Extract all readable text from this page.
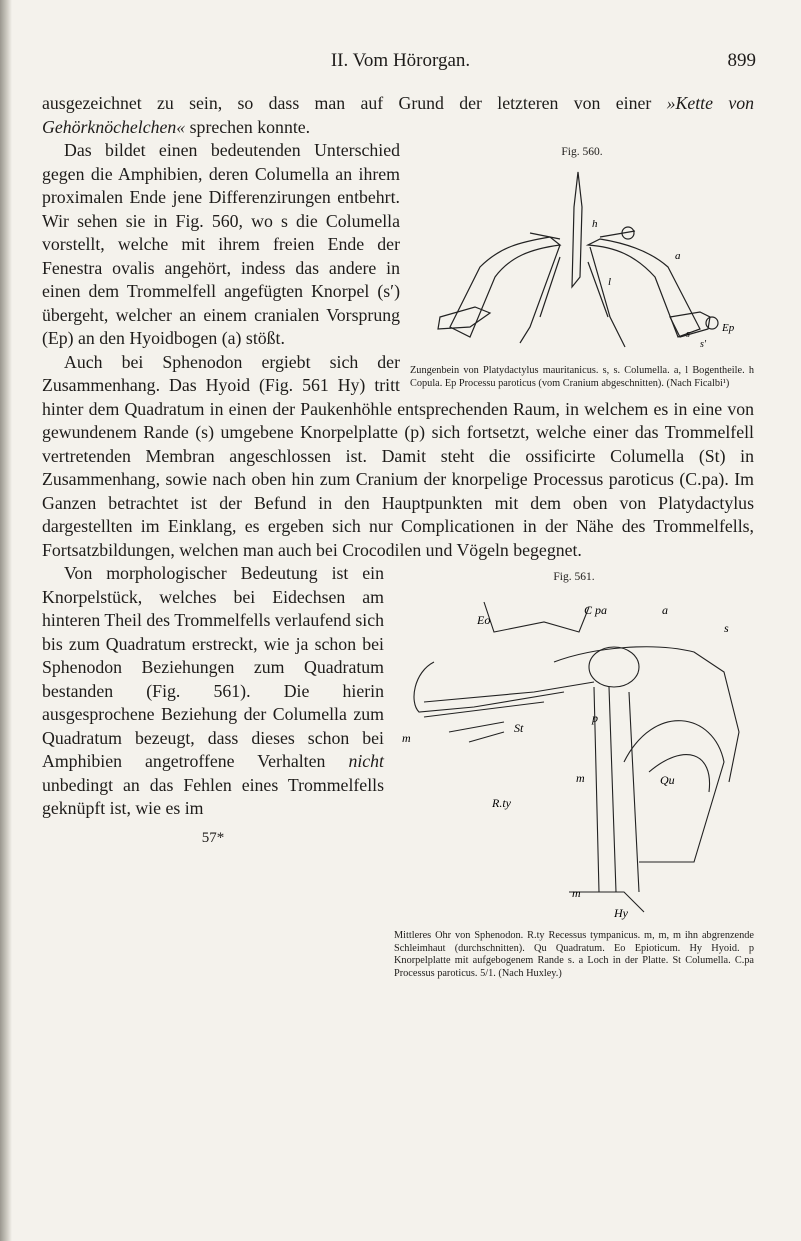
II. Vom Hörorgan.	899

ausgezeichnet zu sein, so dass man auf Grund der letzteren von einer »Kette von Gehörknöchelchen« sprechen konnte.

Fig. 560.
h
a
l
Ep
s
s′
Zungenbein von Platydactylus mauritanicus. s, s. Columella. a, l Bogentheile. h Copula. Ep Processu paroticus (vom Cranium abgeschnitten). (Nach Ficalbi¹)

Das bildet einen bedeutenden Unterschied gegen die Amphibien, deren Columella an ihrem proximalen Ende jene Differenzirungen entbehrt. Wir sehen sie in Fig. 560, wo s die Columella vorstellt, welche mit ihrem freien Ende der Fenestra ovalis angehört, indess das andere in einen dem Trommelfell angefügten Knorpel (s′) übergeht, welcher an einem cranialen Vorsprung (Ep) an den Hyoidbogen (a) stößt.

Auch bei Sphenodon ergiebt sich der Zusammenhang. Das Hyoid (Fig. 561 Hy) tritt hinter dem Quadratum in einen der Paukenhöhle entsprechenden Raum, in welchem es in eine von gewundenem Rande (s) umgebene Knorpelplatte (p) sich fortsetzt, welche einer das Trommelfell vertretenden Membran angeschlossen ist. Damit steht die ossificirte Columella (St) in Zusammenhang, sowie nach oben hin zum Cranium der knorpelige Processus paroticus (C.pa). Im Ganzen betrachtet ist der Befund in den Hauptpunkten mit dem oben von Platydactylus dargestellten im Einklang, es ergeben sich nur Complicationen in der Nähe des Trommelfells, Fortsatzbildungen, welchen man auch bei Crocodilen und Vögeln begegnet.

Fig. 561.
Eo
C pa	a
s
m
St
p
m	Qu
R.ty
m
Hy
Mittleres Ohr von Sphenodon. R.ty Recessus tympanicus. m, m, m ihn abgrenzende Schleimhaut (durchschnitten). Qu Quadratum. Eo Epioticum. Hy Hyoid. p Knorpelplatte mit aufgebogenem Rande s. a Loch in der Platte. St Columella. C.pa Processus paroticus. 5/1. (Nach Huxley.)

Von morphologischer Bedeutung ist ein Knorpelstück, welches bei Eidechsen am hinteren Theil des Trommelfells verlaufend sich bis zum Quadratum erstreckt, wie ja schon bei Sphenodon Beziehungen zum Quadratum bestanden (Fig. 561). Die hierin ausgesprochene Beziehung der Columella zum Quadratum bezeugt, dass dieses schon bei Amphibien angetroffene Verhalten nicht unbedingt an das Fehlen eines Trommelfells geknüpft ist, wie es im

57*
